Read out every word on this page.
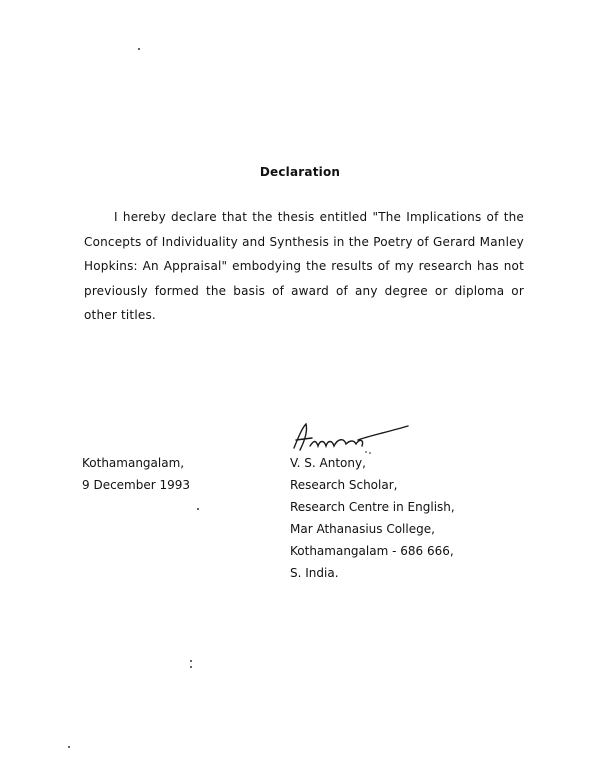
Declaration

I hereby declare that the thesis entitled "The Implications of the Concepts of Individuality and Synthesis in the Poetry of Gerard Manley Hopkins: An Appraisal" embodying the results of my research has not previously formed the basis of award of any degree or diploma or other titles.

Kothamangalam,
9 December 1993
V. S. Antony,
Research Scholar,
Research Centre in English,
Mar Athanasius College,
Kothamangalam - 686 666,
S. India.
